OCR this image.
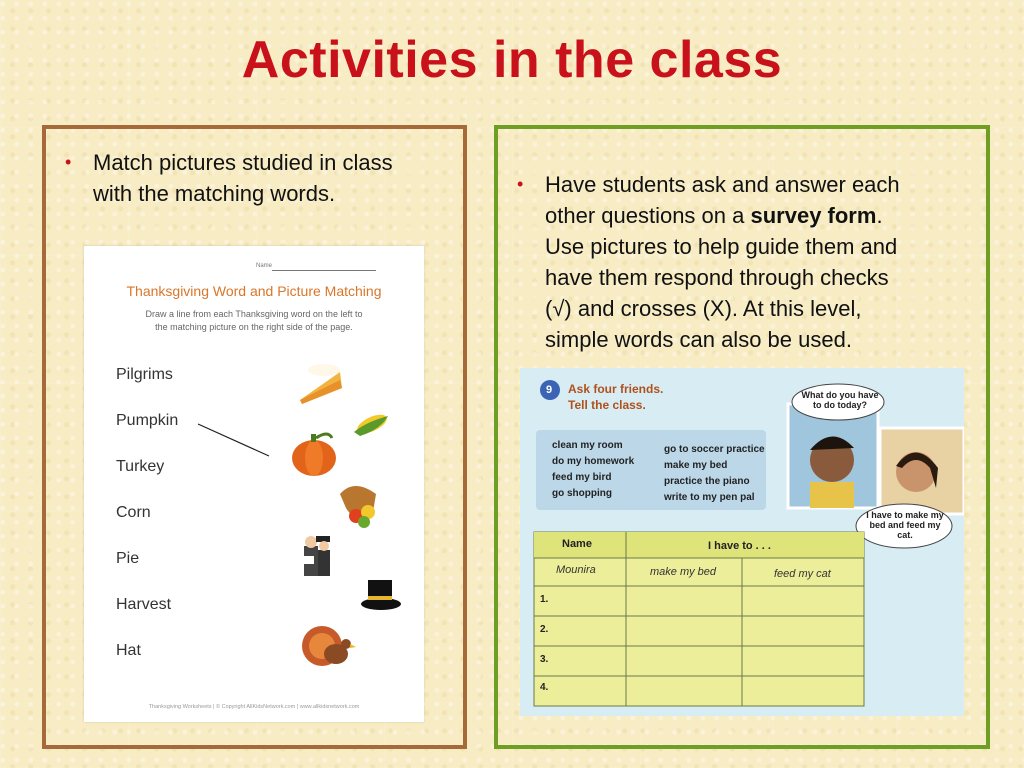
Activities in the class
• Match pictures studied in class
with the matching words.	• Have students ask and answer each
other questions on a survey form.
Use pictures to help guide them and
have them respond through checks
(√) and crosses (X). At this level,
simple words can also be used.
Name
Thanksgiving Word and Picture Matching
Draw a line from each Thanksgiving word on the left to
the matching picture on the right side of the page.
Pilgrims
Pumpkin
Turkey
Corn
Pie
Harvest
Hat
Thanksgiving Worksheets | © Copyright AllKidsNetwork.com | www.allkidsnetwork.com
9 Ask four friends.
Tell the class.
clean my room
do my homework
feed my bird
go shopping
go to soccer practice
make my bed
practice the piano
write to my pen pal
What do you have to do today?
I have to make my bed and feed my cat.
Name	I have to . . .
Mounira	make my bed	feed my cat
1.
2.
3.
4.
